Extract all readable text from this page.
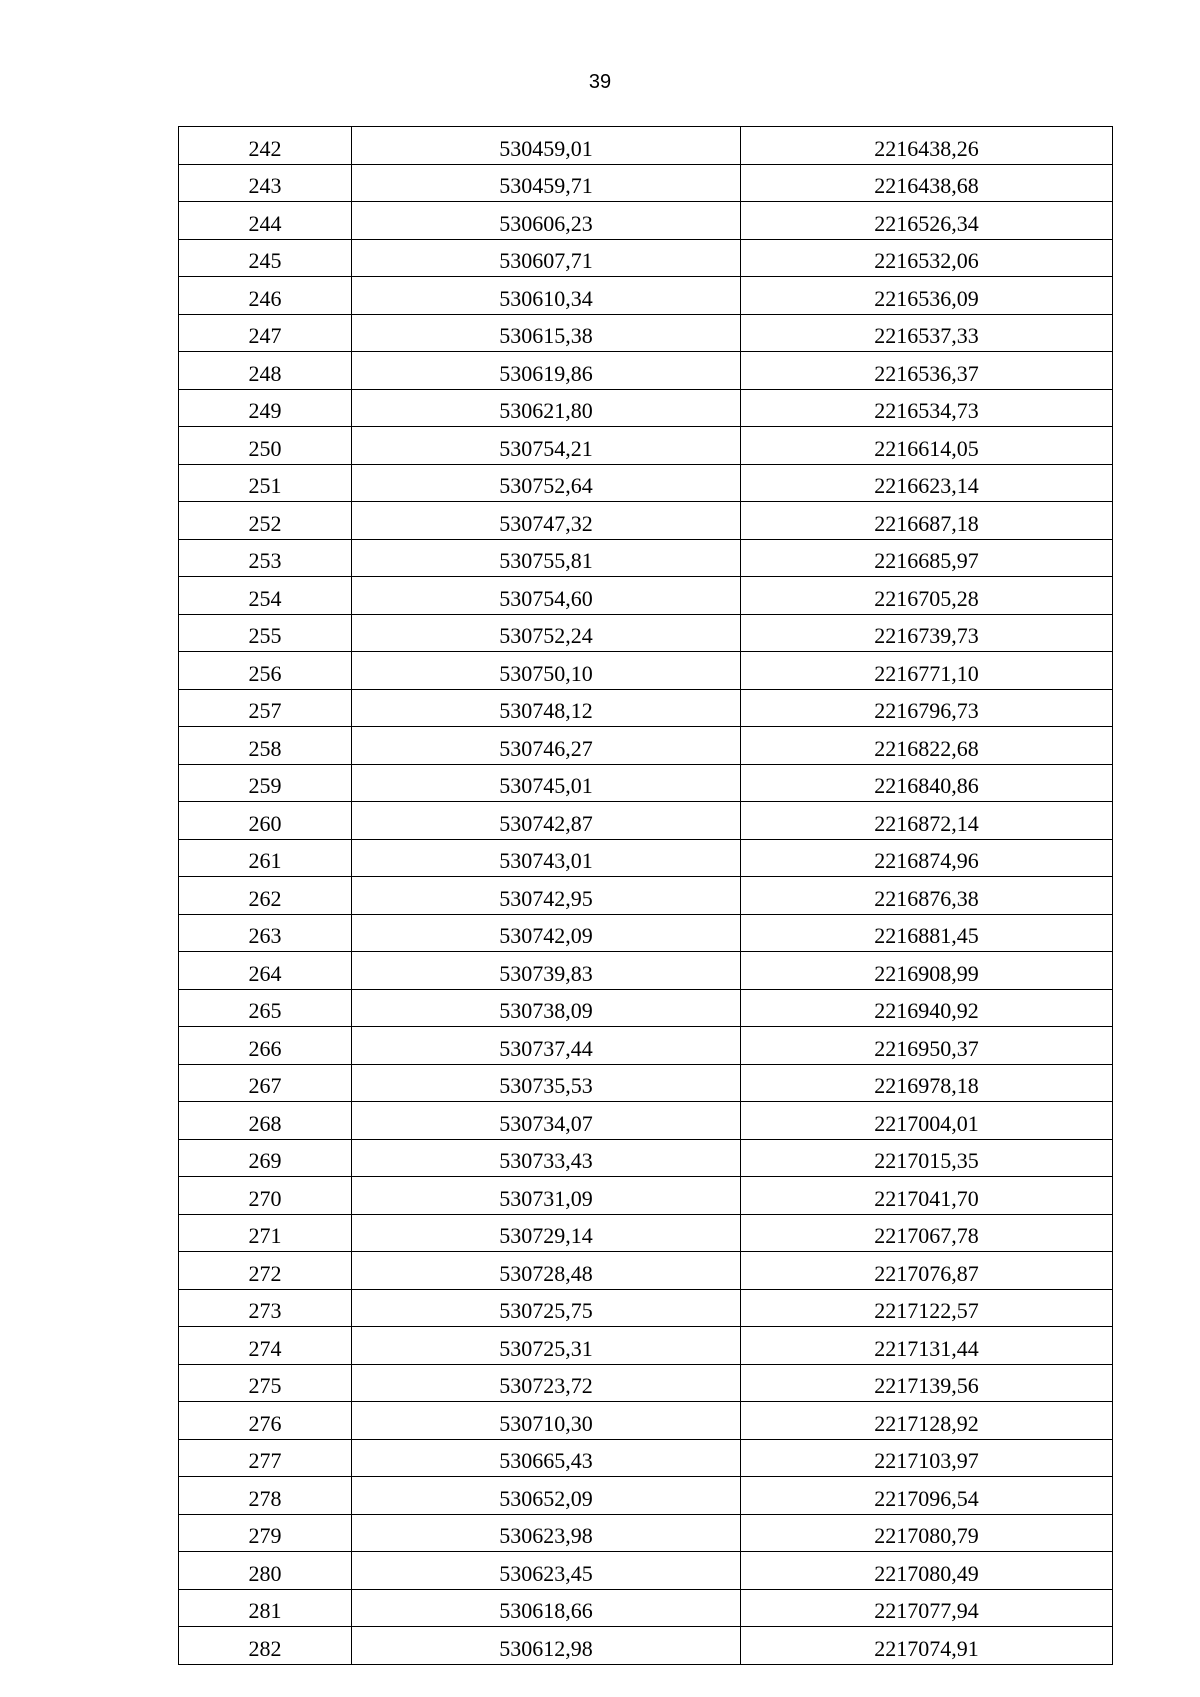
39
242	530459,01	2216438,26
243	530459,71	2216438,68
244	530606,23	2216526,34
245	530607,71	2216532,06
246	530610,34	2216536,09
247	530615,38	2216537,33
248	530619,86	2216536,37
249	530621,80	2216534,73
250	530754,21	2216614,05
251	530752,64	2216623,14
252	530747,32	2216687,18
253	530755,81	2216685,97
254	530754,60	2216705,28
255	530752,24	2216739,73
256	530750,10	2216771,10
257	530748,12	2216796,73
258	530746,27	2216822,68
259	530745,01	2216840,86
260	530742,87	2216872,14
261	530743,01	2216874,96
262	530742,95	2216876,38
263	530742,09	2216881,45
264	530739,83	2216908,99
265	530738,09	2216940,92
266	530737,44	2216950,37
267	530735,53	2216978,18
268	530734,07	2217004,01
269	530733,43	2217015,35
270	530731,09	2217041,70
271	530729,14	2217067,78
272	530728,48	2217076,87
273	530725,75	2217122,57
274	530725,31	2217131,44
275	530723,72	2217139,56
276	530710,30	2217128,92
277	530665,43	2217103,97
278	530652,09	2217096,54
279	530623,98	2217080,79
280	530623,45	2217080,49
281	530618,66	2217077,94
282	530612,98	2217074,91
